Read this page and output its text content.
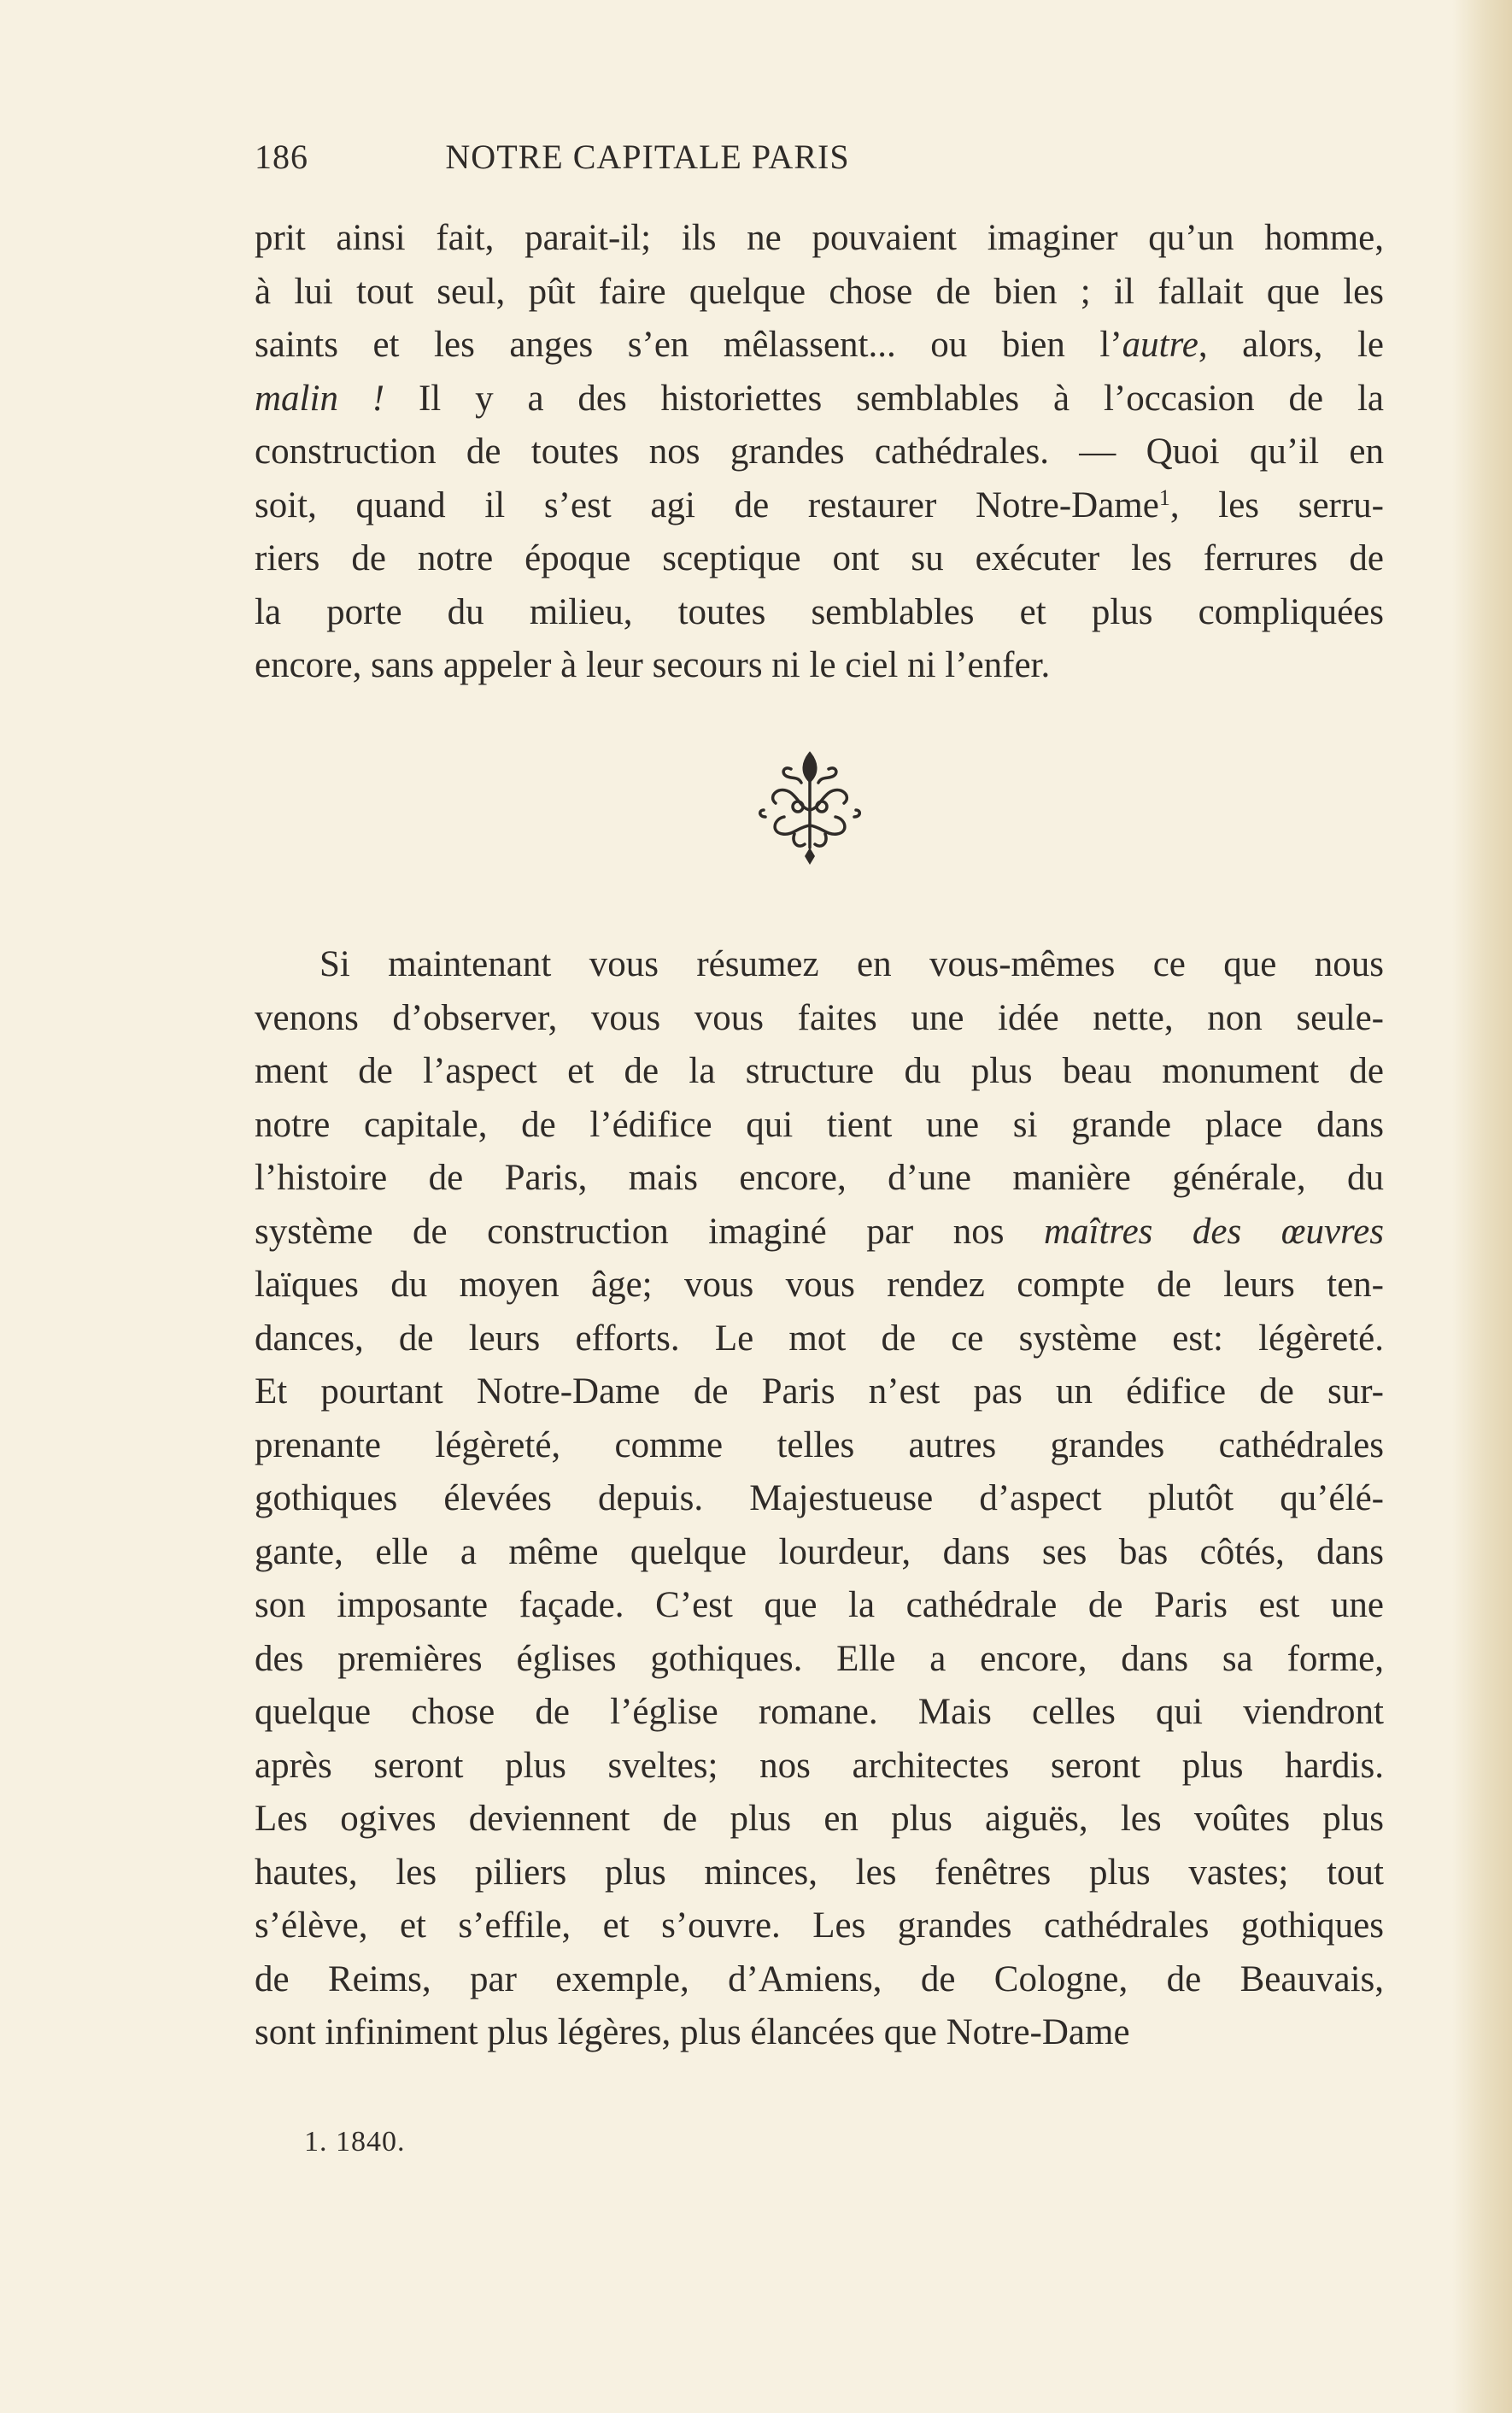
186	NOTRE CAPITALE PARIS
prit ainsi fait, parait-il; ils ne pouvaient imaginer qu’un homme,
à lui tout seul, pût faire quelque chose de bien ; il fallait que les
saints et les anges s’en mêlassent... ou bien l’autre, alors, le
malin ! Il y a des historiettes semblables à l’occasion de la
construction de toutes nos grandes cathédrales. — Quoi qu’il en
soit, quand il s’est agi de restaurer Notre-Dame$^1$, les serru-
riers de notre époque sceptique ont su exécuter les ferrures de
la porte du milieu, toutes semblables et plus compliquées
encore, sans appeler à leur secours ni le ciel ni l’enfer.
Si maintenant vous résumez en vous-mêmes ce que nous
venons d’observer, vous vous faites une idée nette, non seule-
ment de l’aspect et de la structure du plus beau monument de
notre capitale, de l’édifice qui tient une si grande place dans
l’histoire de Paris, mais encore, d’une manière générale, du
système de construction imaginé par nos maîtres des œuvres
laïques du moyen âge; vous vous rendez compte de leurs ten-
dances, de leurs efforts. Le mot de ce système est: légèreté.
Et pourtant Notre-Dame de Paris n’est pas un édifice de sur-
prenante légèreté, comme telles autres grandes cathédrales
gothiques élevées depuis. Majestueuse d’aspect plutôt qu’élé-
gante, elle a même quelque lourdeur, dans ses bas côtés, dans
son imposante façade. C’est que la cathédrale de Paris est une
des premières églises gothiques. Elle a encore, dans sa forme,
quelque chose de l’église romane. Mais celles qui viendront
après seront plus sveltes; nos architectes seront plus hardis.
Les ogives deviennent de plus en plus aiguës, les voûtes plus
hautes, les piliers plus minces, les fenêtres plus vastes; tout
s’élève, et s’effile, et s’ouvre. Les grandes cathédrales gothiques
de Reims, par exemple, d’Amiens, de Cologne, de Beauvais,
sont infiniment plus légères, plus élancées que Notre-Dame
1. 1840.
